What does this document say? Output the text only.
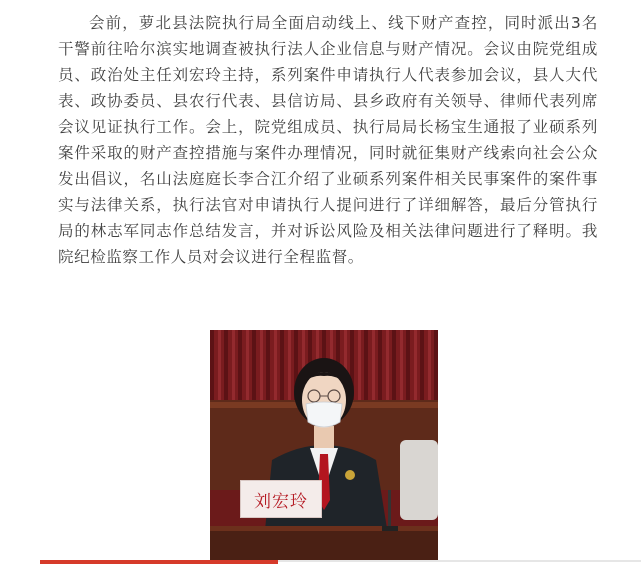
会前，萝北县法院执行局全面启动线上、线下财产查控，同时派出3名干警前往哈尔滨实地调查被执行法人企业信息与财产情况。会议由院党组成员、政治处主任刘宏玲主持，系列案件申请执行人代表参加会议，县人大代表、政协委员、县农行代表、县信访局、县乡政府有关领导、律师代表列席会议见证执行工作。会上，院党组成员、执行局局长杨宝生通报了业硕系列案件采取的财产查控措施与案件办理情况，同时就征集财产线索向社会公众发出倡议，名山法庭庭长李合江介绍了业硕系列案件相关民事案件的案件事实与法律关系，执行法官对申请执行人提问进行了详细解答，最后分管执行局的林志军同志作总结发言，并对诉讼风险及相关法律问题进行了释明。我院纪检监察工作人员对会议进行全程监督。

刘宏玲
